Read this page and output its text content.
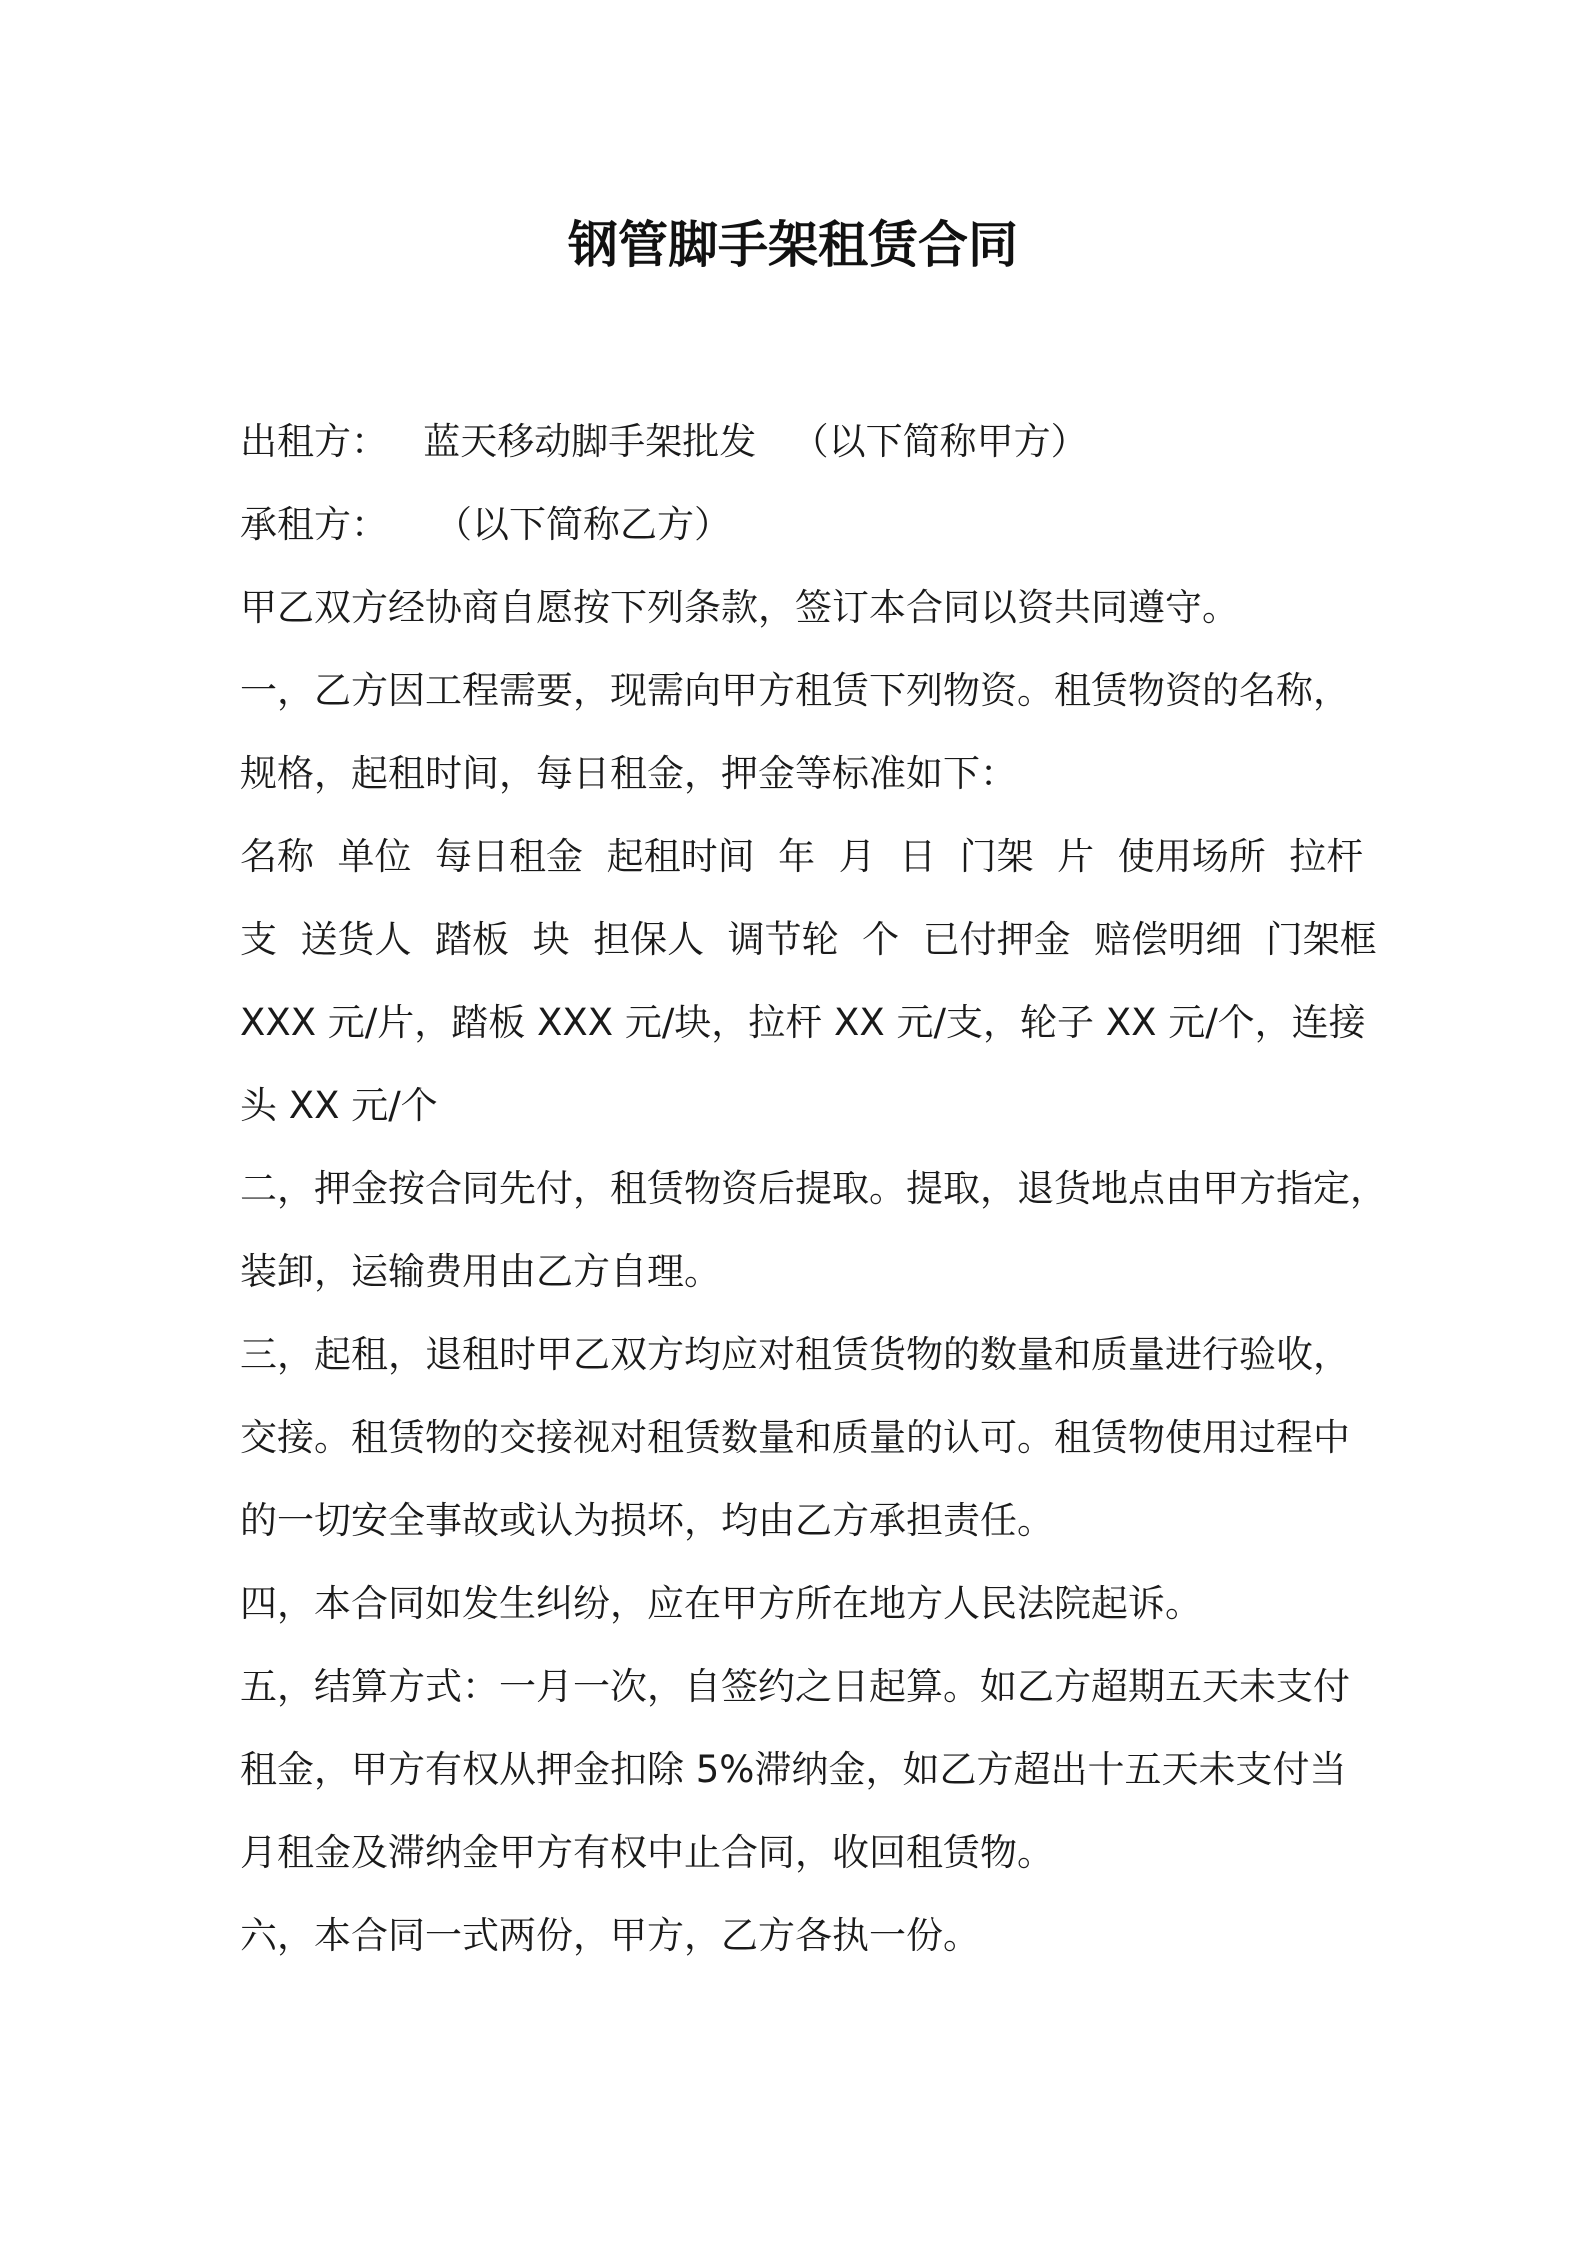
钢管脚手架租赁合同
出租方： 蓝天移动脚手架批发 （以下简称甲方）
承租方： （以下简称乙方）
甲乙双方经协商自愿按下列条款，签订本合同以资共同遵守。
一，乙方因工程需要，现需向甲方租赁下列物资。租赁物资的名称，
规格，起租时间，每日租金，押金等标准如下：
名称  单位  每日租金  起租时间  年  月  日  门架  片  使用场所  拉杆
支  送货人  踏板  块  担保人  调节轮  个  已付押金  赔偿明细  门架框
XXX 元/片，踏板 XXX 元/块，拉杆 XX 元/支，轮子 XX 元/个，连接
头 XX 元/个
二，押金按合同先付，租赁物资后提取。提取，退货地点由甲方指定，
装卸，运输费用由乙方自理。
三，起租，退租时甲乙双方均应对租赁货物的数量和质量进行验收，
交接。租赁物的交接视对租赁数量和质量的认可。租赁物使用过程中
的一切安全事故或认为损坏，均由乙方承担责任。
四，本合同如发生纠纷，应在甲方所在地方人民法院起诉。
五，结算方式：一月一次，自签约之日起算。如乙方超期五天未支付
租金，甲方有权从押金扣除 5%滞纳金，如乙方超出十五天未支付当
月租金及滞纳金甲方有权中止合同，收回租赁物。
六，本合同一式两份，甲方，乙方各执一份。
